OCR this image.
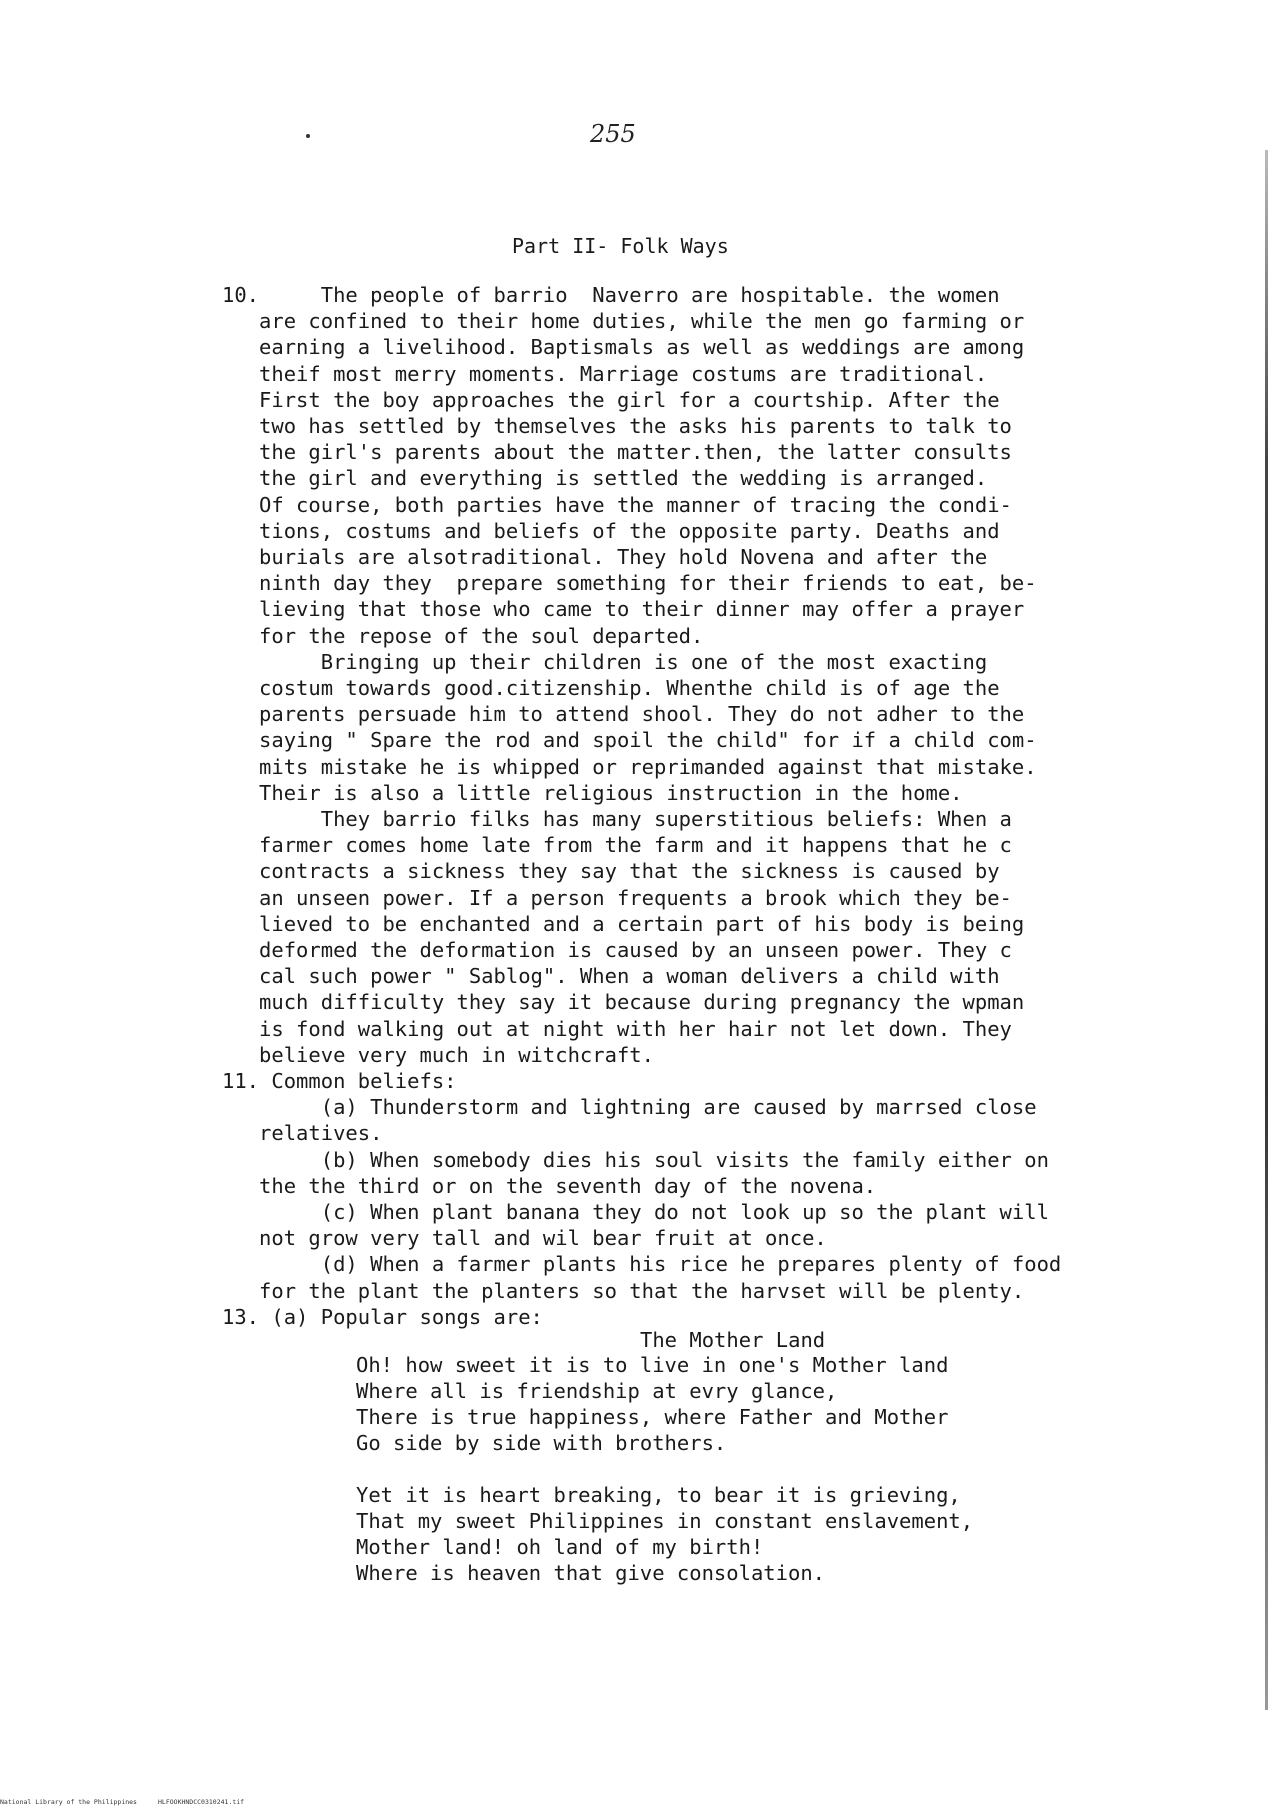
255
Part II- Folk Ways
10.     The people of barrio  Naverro are hospitable. the women
are confined to their home duties, while the men go farming or
earning a livelihood. Baptismals as well as weddings are among
theif most merry moments. Marriage costums are traditional.
First the boy approaches the girl for a courtship. After the
two has settled by themselves the asks his parents to talk to
the girl's parents about the matter.then, the latter consults
the girl and everything is settled the wedding is arranged.
Of course, both parties have the manner of tracing the condi-
tions, costums and beliefs of the opposite party. Deaths and
burials are alsotraditional. They hold Novena and after the
ninth day they  prepare something for their friends to eat, be-
lieving that those who came to their dinner may offer a prayer
for the repose of the soul departed.
Bringing up their children is one of the most exacting
costum towards good.citizenship. Whenthe child is of age the
parents persuade him to attend shool. They do not adher to the
saying " Spare the rod and spoil the child" for if a child com-
mits mistake he is whipped or reprimanded against that mistake.
Their is also a little religious instruction in the home.
They barrio filks has many superstitious beliefs: When a
farmer comes home late from the farm and it happens that he c
contracts a sickness they say that the sickness is caused by
an unseen power. If a person frequents a brook which they be-
lieved to be enchanted and a certain part of his body is being
deformed the deformation is caused by an unseen power. They c
cal such power " Sablog". When a woman delivers a child with
much difficulty they say it because during pregnancy the wpman
is fond walking out at night with her hair not let down. They
believe very much in witchcraft.
11. Common beliefs:
(a) Thunderstorm and lightning are caused by marrsed close
relatives.
(b) When somebody dies his soul visits the family either on
the the third or on the seventh day of the novena.
(c) When plant banana they do not look up so the plant will
not grow very tall and wil bear fruit at once.
(d) When a farmer plants his rice he prepares plenty of food
for the plant the planters so that the harvset will be plenty.
13. (a) Popular songs are:
The Mother Land
Oh! how sweet it is to live in one's Mother land
Where all is friendship at evry glance,
There is true happiness, where Father and Mother
Go side by side with brothers.
Yet it is heart breaking, to bear it is grieving,
That my sweet Philippines in constant enslavement,
Mother land! oh land of my birth!
Where is heaven that give consolation.
National Library of the Philippines	HLFOOKHNDCC0310241.tif
